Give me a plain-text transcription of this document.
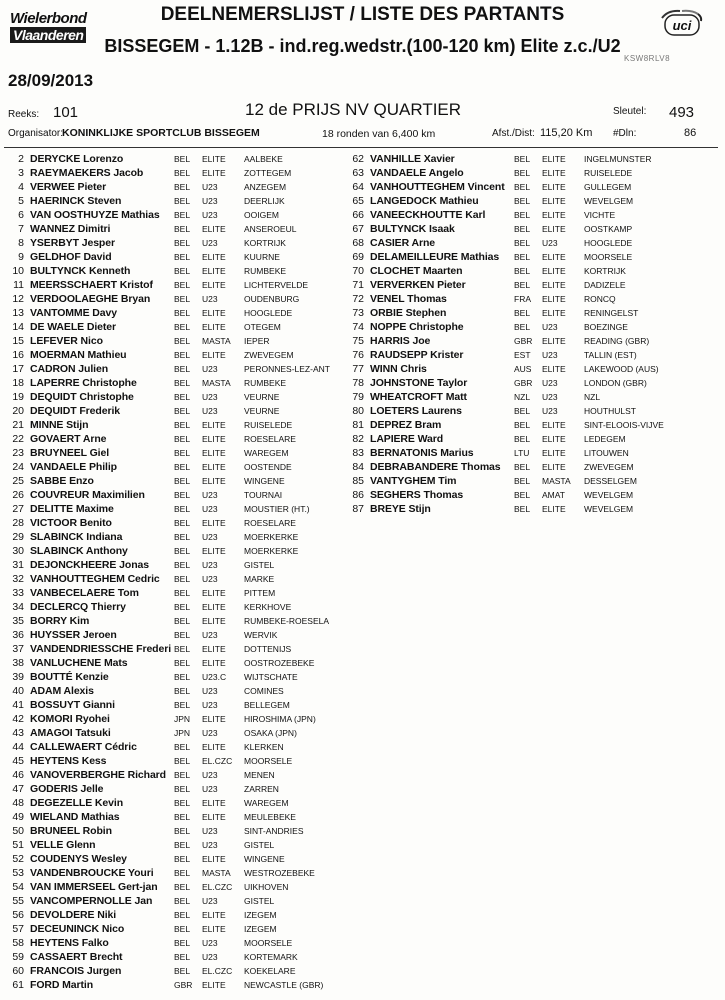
Wielerbond
Vlaanderen
DEELNEMERSLIJST / LISTE DES PARTANTS
BISSEGEM - 1.12B - ind.reg.wedstr.(100-120 km) Elite z.c./U2
uci
KSW8RLV8
28/09/2013
Reeks: 101	12 de PRIJS NV QUARTIER	Sleutel: 493
Organisator:
KONINKLIJKE SPORTCLUB BISSEGEM	18 ronden van 6,400 km	Afst./Dist: 115,20 Km #Dln:	86
2 DERYCKE Lorenzo	BEL ELITE AALBEKE
3 RAEYMAEKERS Jacob	BEL ELITE ZOTTEGEM
4 VERWEE Pieter	BEL U23	ANZEGEM
5 HAERINCK Steven	BEL U23	DEERLIJK
6 VAN OOSTHUYZE Mathias BEL U23	OOIGEM
7 WANNEZ Dimitri	BEL ELITE ANSEROEUL
8 YSERBYT Jesper	BEL U23	KORTRIJK
9 GELDHOF David	BEL ELITE KUURNE
10 BULTYNCK Kenneth	BEL ELITE RUMBEKE
11 MEERSSCHAERT Kristof BEL ELITE LICHTERVELDE
12 VERDOOLAEGHE Bryan	BEL U23	OUDENBURG
13 VANTOMME Davy	BEL ELITE HOOGLEDE
14 DE WAELE Dieter	BEL ELITE OTEGEM
15 LEFEVER Nico	BEL MASTA IEPER
16 MOERMAN Mathieu	BEL ELITE ZWEVEGEM
17 CADRON Julien	BEL U23	PERONNES-LEZ-ANT
18 LAPERRE Christophe	BEL MASTA RUMBEKE
19 DEQUIDT Christophe	BEL U23	VEURNE
20 DEQUIDT Frederik	BEL U23	VEURNE
21 MINNE Stijn	BEL ELITE RUISELEDE
22 GOVAERT Arne	BEL ELITE ROESELARE
23 BRUYNEEL Giel	BEL ELITE WAREGEM
24 VANDAELE Philip	BEL ELITE OOSTENDE
25 SABBE Enzo	BEL ELITE WINGENE
26 COUVREUR Maximilien	BEL U23	TOURNAI
27 DELITTE Maxime	BEL U23	MOUSTIER (HT.)
28 VICTOOR Benito	BEL ELITE ROESELARE
29 SLABINCK Indiana	BEL U23	MOERKERKE
30 SLABINCK Anthony	BEL ELITE MOERKERKE
31 DEJONCKHEERE Jonas	BEL U23	GISTEL
32 VANHOUTTEGHEM Cedric BEL U23	MARKE
33 VANBECELAERE Tom	BEL ELITE PITTEM
34 DECLERCQ Thierry	BEL ELITE KERKHOVE
35 BORRY Kim	BEL ELITE RUMBEKE-ROESELA
36 HUYSSER Jeroen	BEL U23	WERVIK
37 VANDENDRIESSCHE Frederi BEL ELITE DOTTENIJS
38 VANLUCHENE Mats	BEL ELITE OOSTROZEBEKE
39 BOUTTÉ Kenzie	BEL U23.C WIJTSCHATE
40 ADAM Alexis	BEL U23	COMINES
41 BOSSUYT Gianni	BEL U23	BELLEGEM
42 KOMORI Ryohei	JPN ELITE HIROSHIMA (JPN)
43 AMAGOI Tatsuki	JPN U23	OSAKA (JPN)
44 CALLEWAERT Cédric	BEL ELITE KLERKEN
45 HEYTENS Kess	BEL EL.CZC MOORSELE
46 VANOVERBERGHE Richard BEL U23	MENEN
47 GODERIS Jelle	BEL U23	ZARREN
48 DEGEZELLE Kevin	BEL ELITE WAREGEM
49 WIELAND Mathias	BEL ELITE MEULEBEKE
50 BRUNEEL Robin	BEL U23	SINT-ANDRIES
51 VELLE Glenn	BEL U23	GISTEL
52 COUDENYS Wesley	BEL ELITE WINGENE
53 VANDENBROUCKE Youri BEL MASTA WESTROZEBEKE
54 VAN IMMERSEEL Gert-jan BEL EL.CZC UIKHOVEN
55 VANCOMPERNOLLE Jan	BEL U23	GISTEL
56 DEVOLDERE Niki	BEL ELITE IZEGEM
57 DECEUNINCK Nico	BEL ELITE IZEGEM
58 HEYTENS Falko	BEL U23	MOORSELE
59 CASSAERT Brecht	BEL U23	KORTEMARK
60 FRANCOIS Jurgen	BEL EL.CZC KOEKELARE
61 FORD Martin	GBR ELITE NEWCASTLE (GBR)
62 VANHILLE Xavier	BEL ELITE INGELMUNSTER
63 VANDAELE Angelo	BEL ELITE RUISELEDE
64 VANHOUTTEGHEM Vincent BEL ELITE GULLEGEM
65 LANGEDOCK Mathieu	BEL ELITE WEVELGEM
66 VANEECKHOUTTE Karl	BEL ELITE VICHTE
67 BULTYNCK Isaak	BEL ELITE OOSTKAMP
68 CASIER Arne	BEL U23	HOOGLEDE
69 DELAMEILLEURE Mathias BEL ELITE MOORSELE
70 CLOCHET Maarten	BEL ELITE KORTRIJK
71 VERVERKEN Pieter	BEL ELITE DADIZELE
72 VENEL Thomas	FRA ELITE RONCQ
73 ORBIE Stephen	BEL ELITE RENINGELST
74 NOPPE Christophe	BEL U23	BOEZINGE
75 HARRIS Joe	GBR ELITE READING (GBR)
76 RAUDSEPP Krister	EST U23	TALLIN (EST)
77 WINN Chris	AUS ELITE LAKEWOOD (AUS)
78 JOHNSTONE Taylor	GBR U23	LONDON (GBR)
79 WHEATCROFT Matt	NZL U23	NZL
80 LOETERS Laurens	BEL U23	HOUTHULST
81 DEPREZ Bram	BEL ELITE SINT-ELOOIS-VIJVE
82 LAPIERE Ward	BEL ELITE LEDEGEM
83 BERNATONIS Marius	LTU ELITE LITOUWEN
84 DEBRABANDERE Thomas BEL ELITE ZWEVEGEM
85 VANTYGHEM Tim	BEL MASTA DESSELGEM
86 SEGHERS Thomas	BEL AMAT WEVELGEM
87 BREYE Stijn	BEL ELITE WEVELGEM
